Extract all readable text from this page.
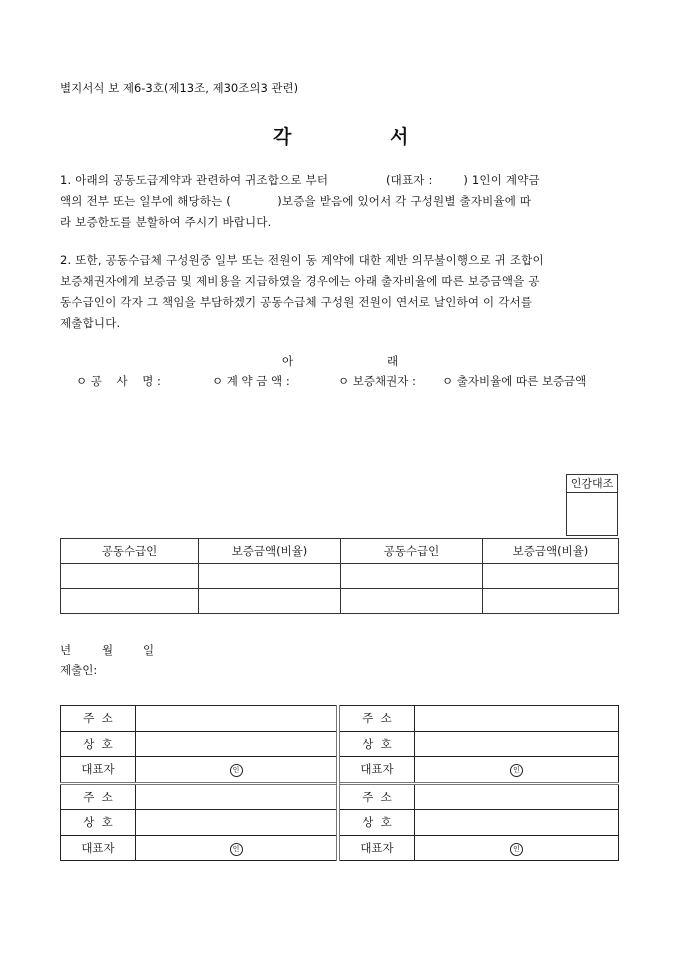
별지서식 보 제6-3호(제13조, 제30조의3 관련)
각	서
1. 아래의 공동도급계약과 관련하여 귀조합으로 부터               (대표자 :        ) 1인이 계약금
액의 전부 또는 일부에 해당하는 (            )보증을 받음에 있어서 각 구성원별 출자비율에 따
라 보증한도를 분할하여 주시기 바랍니다.
2. 또한, 공동수급체 구성원중 일부 또는 전원이 동 계약에 대한 제반 의무불이행으로 귀 조합이
보증채권자에게 보증금 및 제비용을 지급하였을 경우에는 아래 출자비율에 따른 보증금액을 공
동수급인이 각자 그 책임을 부담하겠기 공동수급체 구성원 전원이 연서로 날인하여 이 각서를
제출합니다.
아	래
ㅇ 공    사    명 :	ㅇ 계 약 금 액 :	ㅇ 보증채권자 : ㅇ 출자비율에 따른 보증금액
인감대조
공동수급인	보증금액(비율)	공동수급인	보증금액(비율)

년	월	일
제출인:
주  소		주  소	
상  호		상  호	
대표자	인	대표자	인
주  소		주  소	
상  호		상  호	
대표자	인	대표자	인
